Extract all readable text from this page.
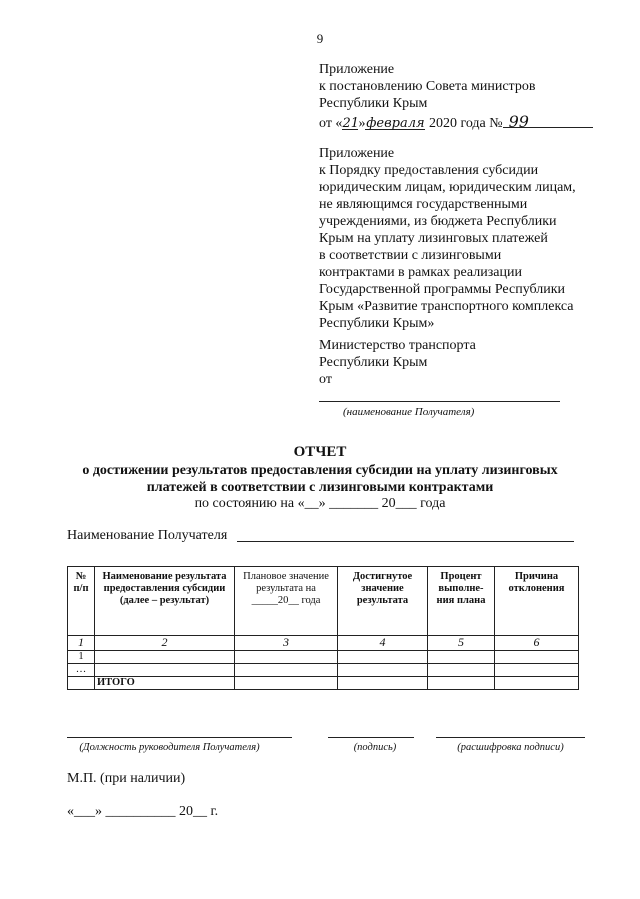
9
Приложение
к постановлению Совета министров
Республики Крым
от «21»февраля 2020 года № 99
Приложение
к Порядку предоставления субсидии
юридическим лицам, юридическим лицам,
не являющимся государственными
учреждениями, из бюджета Республики
Крым на уплату лизинговых платежей
в соответствии с лизинговыми
контрактами в рамках реализации
Государственной программы Республики
Крым «Развитие транспортного комплекса
Республики Крым»
Министерство транспорта
Республики Крым
от
(наименование Получателя)
ОТЧЕТ
о достижении результатов предоставления субсидии на уплату лизинговых
платежей в соответствии с лизинговыми контрактами
по состоянию на «__» _______ 20___ года
Наименование Получателя
№ п/п	Наименование результата предоставления субсидии (далее – результат)	Плановое значение результата на _____20__ года	Достигнутое значение результата	Процент выполне-ния плана	Причина отклонения
1	2	3	4	5	6
1					
…					
	ИТОГО				
(Должность руководителя Получателя)	(подпись)	(расшифровка подписи)
М.П. (при наличии)
«___» __________ 20__ г.
